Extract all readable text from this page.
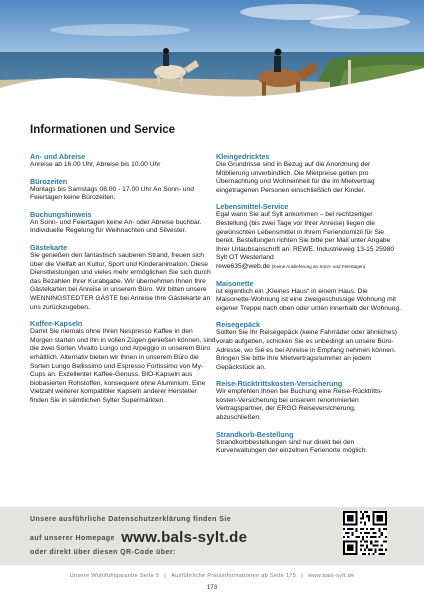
Informationen und Service
An- und Abreise

Anreise ab 16.00 Uhr, Abreise bis 10.00 Uhr

Bürozeiten

Montags bis Samstags 08.00 - 17.00 Uhr An Sonn- und Feiertagen keine Bürozeiten.

Buchungshinweis

An Sonn- und Feiertagen keine An- oder Abreise buchbar. Individuelle Regelung für Weihnachten und Silvester.

Gästekarte

Sie genießen den fantastisch sauberen Strand, freuen sich über die Vielfalt an Kultur, Sport und Kinderanimation. Diese Dienstleistungen und vieles mehr ermöglichen Sie sich durch das Bezahlen Ihrer Kurabgabe. Wir übernehmen Ihnen Ihre Gästekarten bei Anreise in unserem Büro. Wir bitten unsere WENNINGSTEDTER GÄSTE bei Anreise Ihre Gästekarte an uns zurückzugeben.

Kaffee-Kapseln

Damit Sie niemals ohne Ihren Nespresso Kaffee in den Morgen starten und ihn in vollen Zügen genießen können, sind die zwei Sorten Vivalto Lungo und Arpeggio in unserem Büro erhältlich. Alternativ bieten wir Ihnen in unserem Büro die Sorten Lungo Bellissimo und Espresso Fortissimo von My-Cups an. Exzellenter Kaffee-Genuss. BIO-Kapseln aus biobasierten Rohstoffen, konsequent ohne Aluminium. Eine Vielzahl weiterer kompatibler Kapseln anderer Hersteller finden Sie in sämtlichen Sylter Supermärkten.

Kleingedricktes

Die Grundrisse sind in Bezug auf die Anordnung der Möblierung unverbindlich. Die Mietpreise gelten pro Übernachtung und Wohneinheit für die im Mietvertrag eingetragenen Personen einschließlich der Kinder.

Lebensmittel-Service

Egal wann Sie auf Sylt ankommen – bei rechtzeitiger Bestellung (bis zwei Tage vor Ihrer Anreise) liegen die gewünschten Lebensmittel in Ihrem Feriendomizil für Sie bereit. Bestellungen richten Sie bitte per Mail unter Angabe Ihrer Urlaubsanschrift an: REWE, Industrieweg 13-15 25980 Sylt OT Westerland

rewe635@web.de (Keine Auslieferung an Sonn- und Feiertagen)

Maisonette

ist eigentlich ein „Kleines Haus“ in einem Haus. Die Maisonette-Wohnung ist eine zweigeschossige Wohnung mit eigener Treppe nach oben oder unten innerhalb der Wohnung.

Reisegepäck

Sollten Sie Ihr Reisegepäck (keine Fahrräder oder ähnliches) vorab aufgeben, schicken Sie es unbedingt an unsere Büro-Adresse, wo Sie es bei Anreise in Empfang nehmen können. Bringen Sie bitte Ihre Mietvertragsnummer an jedem Gepäckstück an.

Reise-Rücktrittskosten-Versicherung

Wir empfehlen Ihnen bei Buchung eine Reise-Rücktritts-kosten-Versicherung bei unserem renommierten Vertragspartner, der ERGO Reiseversicherung, abzuschließen.

Strandkorb-Bestellung

Strandkorbbestellungen sind nur direkt bei den Kurverwaltungen der einzelnen Ferienorte möglich.

Unsere ausführliche Datenschutzerklärung finden Sie
auf unserer Homepage www.bals-sylt.de
oder direkt über diesen QR-Code über:
Unsere Wohlfühlgarantie Seite 5 | Ausführliche Preisinformationen ab Seite 175 | www.bals-sylt.de
173
